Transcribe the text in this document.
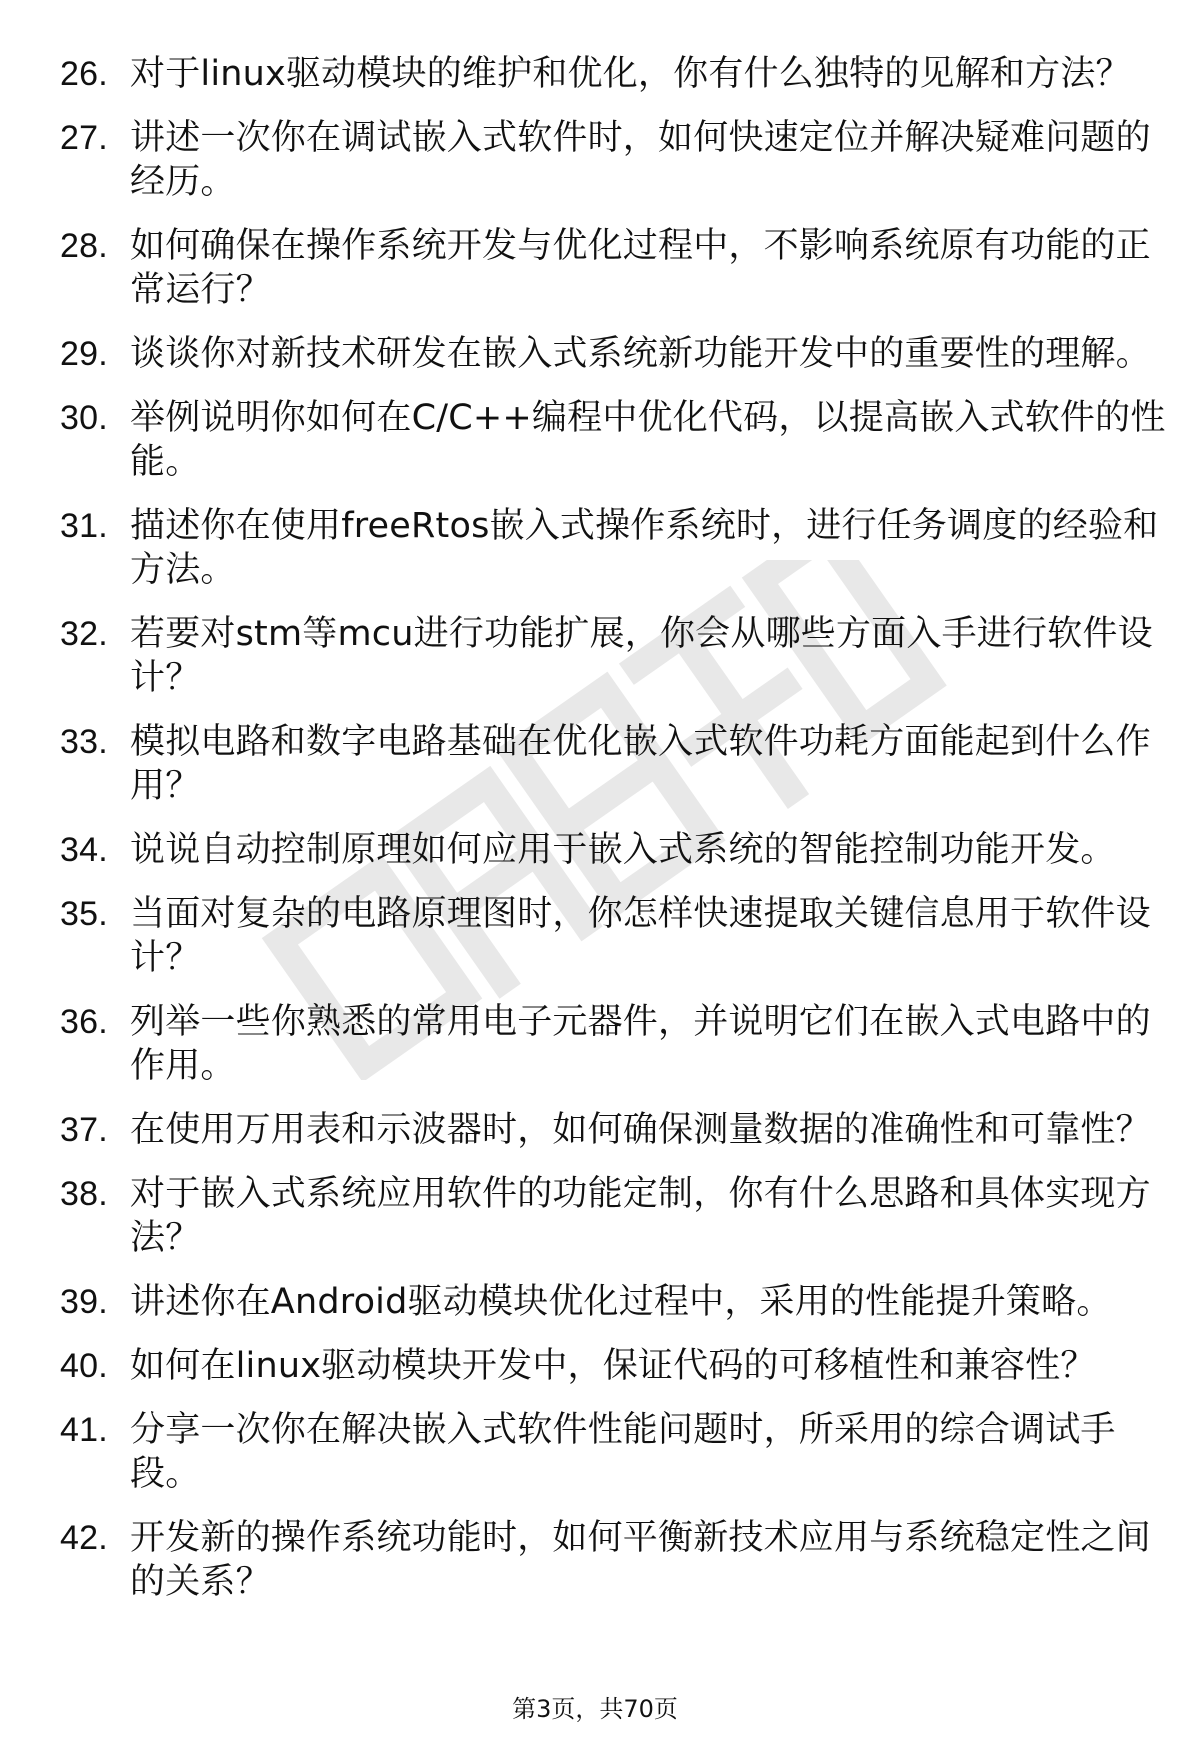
26. 对于linux驱动模块的维护和优化，你有什么独特的见解和方法？
27. 讲述一次你在调试嵌入式软件时，如何快速定位并解决疑难问题的经历。
28. 如何确保在操作系统开发与优化过程中，不影响系统原有功能的正常运行？
29. 谈谈你对新技术研发在嵌入式系统新功能开发中的重要性的理解。
30. 举例说明你如何在C/C++编程中优化代码，以提高嵌入式软件的性能。
31. 描述你在使用freeRtos嵌入式操作系统时，进行任务调度的经验和方法。
32. 若要对stm等mcu进行功能扩展，你会从哪些方面入手进行软件设计？
33. 模拟电路和数字电路基础在优化嵌入式软件功耗方面能起到什么作用？
34. 说说自动控制原理如何应用于嵌入式系统的智能控制功能开发。
35. 当面对复杂的电路原理图时，你怎样快速提取关键信息用于软件设计？
36. 列举一些你熟悉的常用电子元器件，并说明它们在嵌入式电路中的作用。
37. 在使用万用表和示波器时，如何确保测量数据的准确性和可靠性？
38. 对于嵌入式系统应用软件的功能定制，你有什么思路和具体实现方法？
39. 讲述你在Android驱动模块优化过程中，采用的性能提升策略。
40. 如何在linux驱动模块开发中，保证代码的可移植性和兼容性？
41. 分享一次你在解决嵌入式软件性能问题时，所采用的综合调试手段。
42. 开发新的操作系统功能时，如何平衡新技术应用与系统稳定性之间的关系？
第3页，共70页
